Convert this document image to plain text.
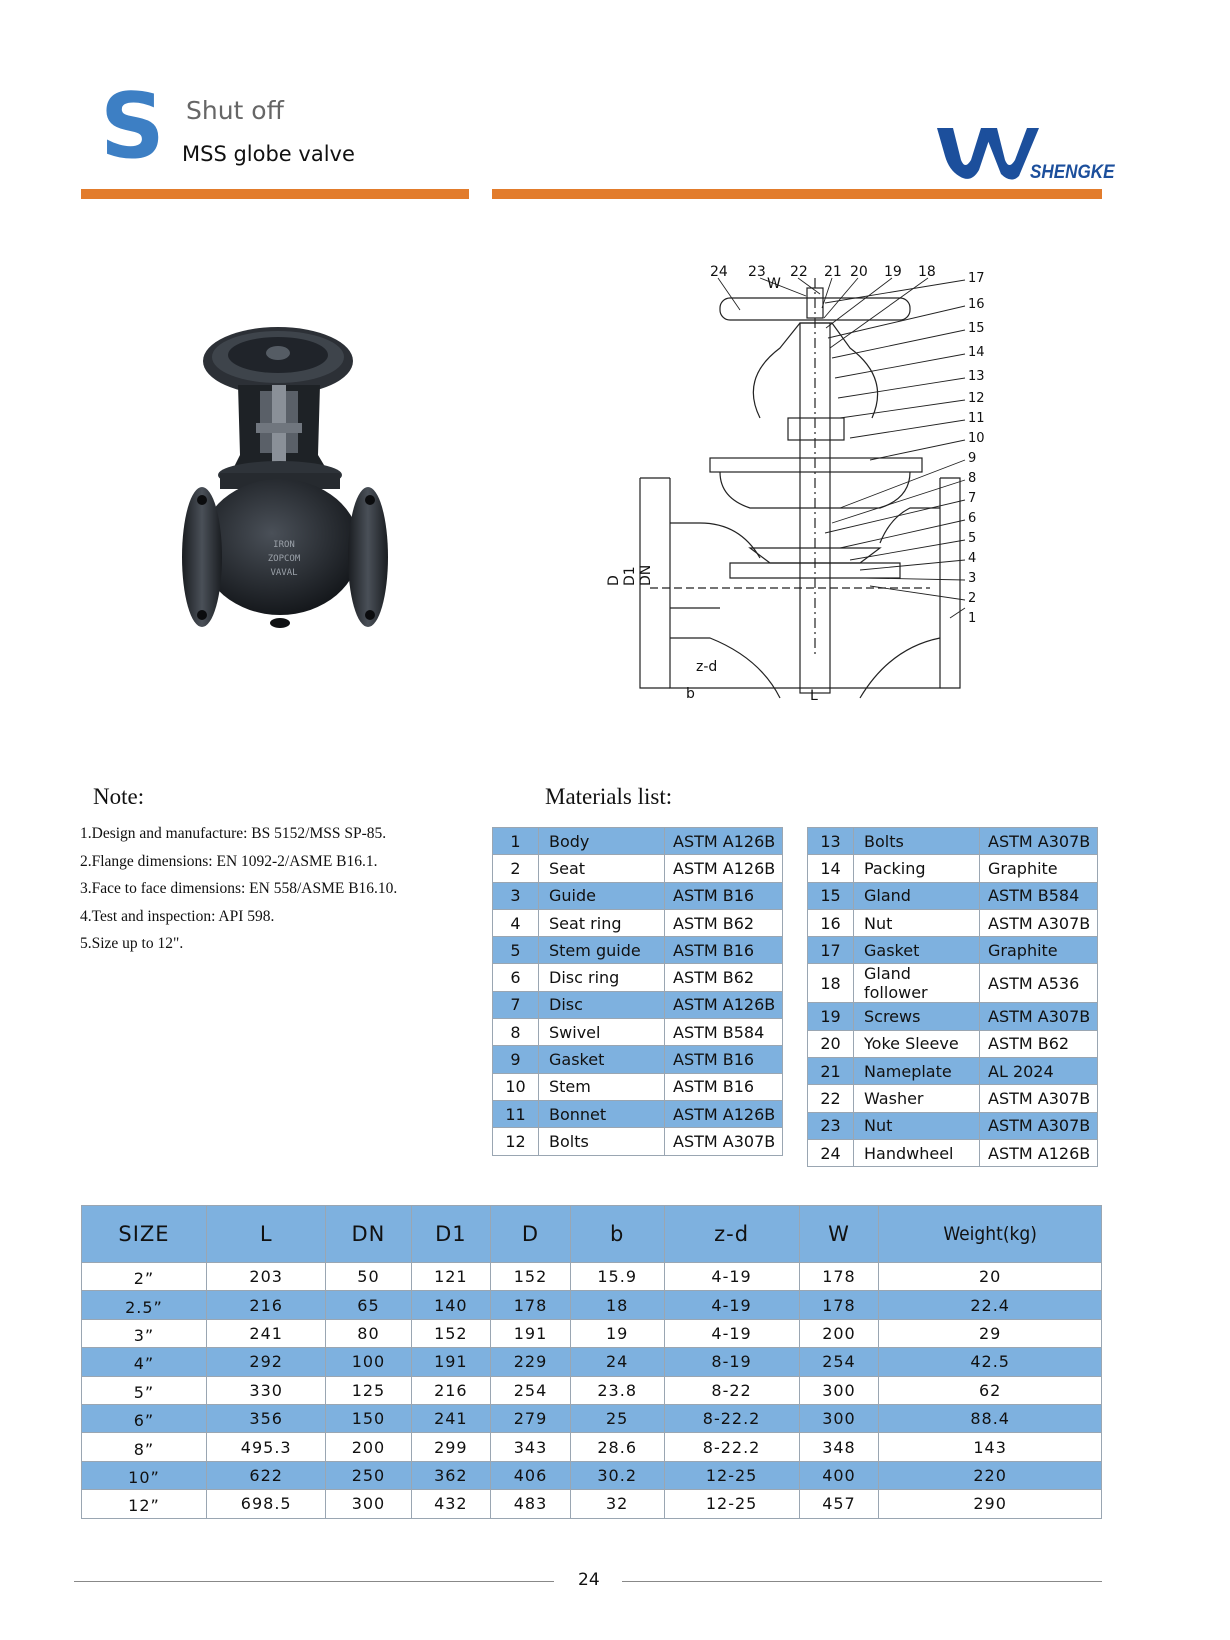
S Shut off
MSS globe valve
SHENGKE
IRON
ZOPCOM
VAVAL
24 23
W
22 21 20 19 18 17
16
15
14
13
12
11
10
9
8
7
6
5
4
3
2
1
D D1 DN
z-d
b	L
Note:
1.Design and manufacture: BS 5152/MSS SP-85.
2.Flange dimensions: EN 1092-2/ASME B16.1.
3.Face to face dimensions: EN 558/ASME B16.10.
4.Test and inspection: API 598.
5.Size up to 12".
Materials list:
1	Body	ASTM A126B
2	Seat	ASTM A126B
3	Guide	ASTM B16
4	Seat ring	ASTM B62
5	Stem guide	ASTM B16
6	Disc ring	ASTM B62
7	Disc	ASTM A126B
8	Swivel	ASTM B584
9	Gasket	ASTM B16
10	Stem	ASTM B16
11	Bonnet	ASTM A126B
12	Bolts	ASTM A307B
13	Bolts	ASTM A307B
14	Packing	Graphite
15	Gland	ASTM B584
16	Nut	ASTM A307B
17	Gasket	Graphite
18	Gland follower	ASTM A536
19	Screws	ASTM A307B
20	Yoke Sleeve	ASTM B62
21	Nameplate	AL 2024
22	Washer	ASTM A307B
23	Nut	ASTM A307B
24	Handwheel	ASTM A126B
SIZE	L	DN	D1	D	b	z-d	W	Weight(kg)
2”	203	50	121	152	15.9	4-19	178	20
2.5”	216	65	140	178	18	4-19	178	22.4
3”	241	80	152	191	19	4-19	200	29
4”	292	100	191	229	24	8-19	254	42.5
5”	330	125	216	254	23.8	8-22	300	62
6”	356	150	241	279	25	8-22.2	300	88.4
8”	495.3	200	299	343	28.6	8-22.2	348	143
10”	622	250	362	406	30.2	12-25	400	220
12”	698.5	300	432	483	32	12-25	457	290
24
